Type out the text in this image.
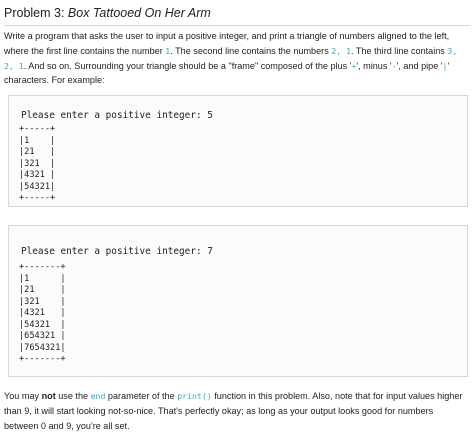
Problem 3: Box Tattooed On Her Arm
Write a program that asks the user to input a positive integer, and print a triangle of numbers aligned to the left, where the first line contains the number 1. The second line contains the numbers 2, 1. The third line contains 3, 2, 1. And so on. Surrounding your triangle should be a "frame" composed of the plus '+', minus '-', and pipe '|' characters. For example:
Please enter a positive integer: 5
+-----+
|1    |
|21   |
|321  |
|4321 |
|54321|
+-----+
Please enter a positive integer: 7
+-------+
|1      |
|21     |
|321    |
|4321   |
|54321  |
|654321 |
|7654321|
+-------+
You may not use the end parameter of the print() function in this problem. Also, note that for input values higher than 9, it will start looking not-so-nice. That's perfectly okay; as long as your output looks good for numbers between 0 and 9, you're all set.
